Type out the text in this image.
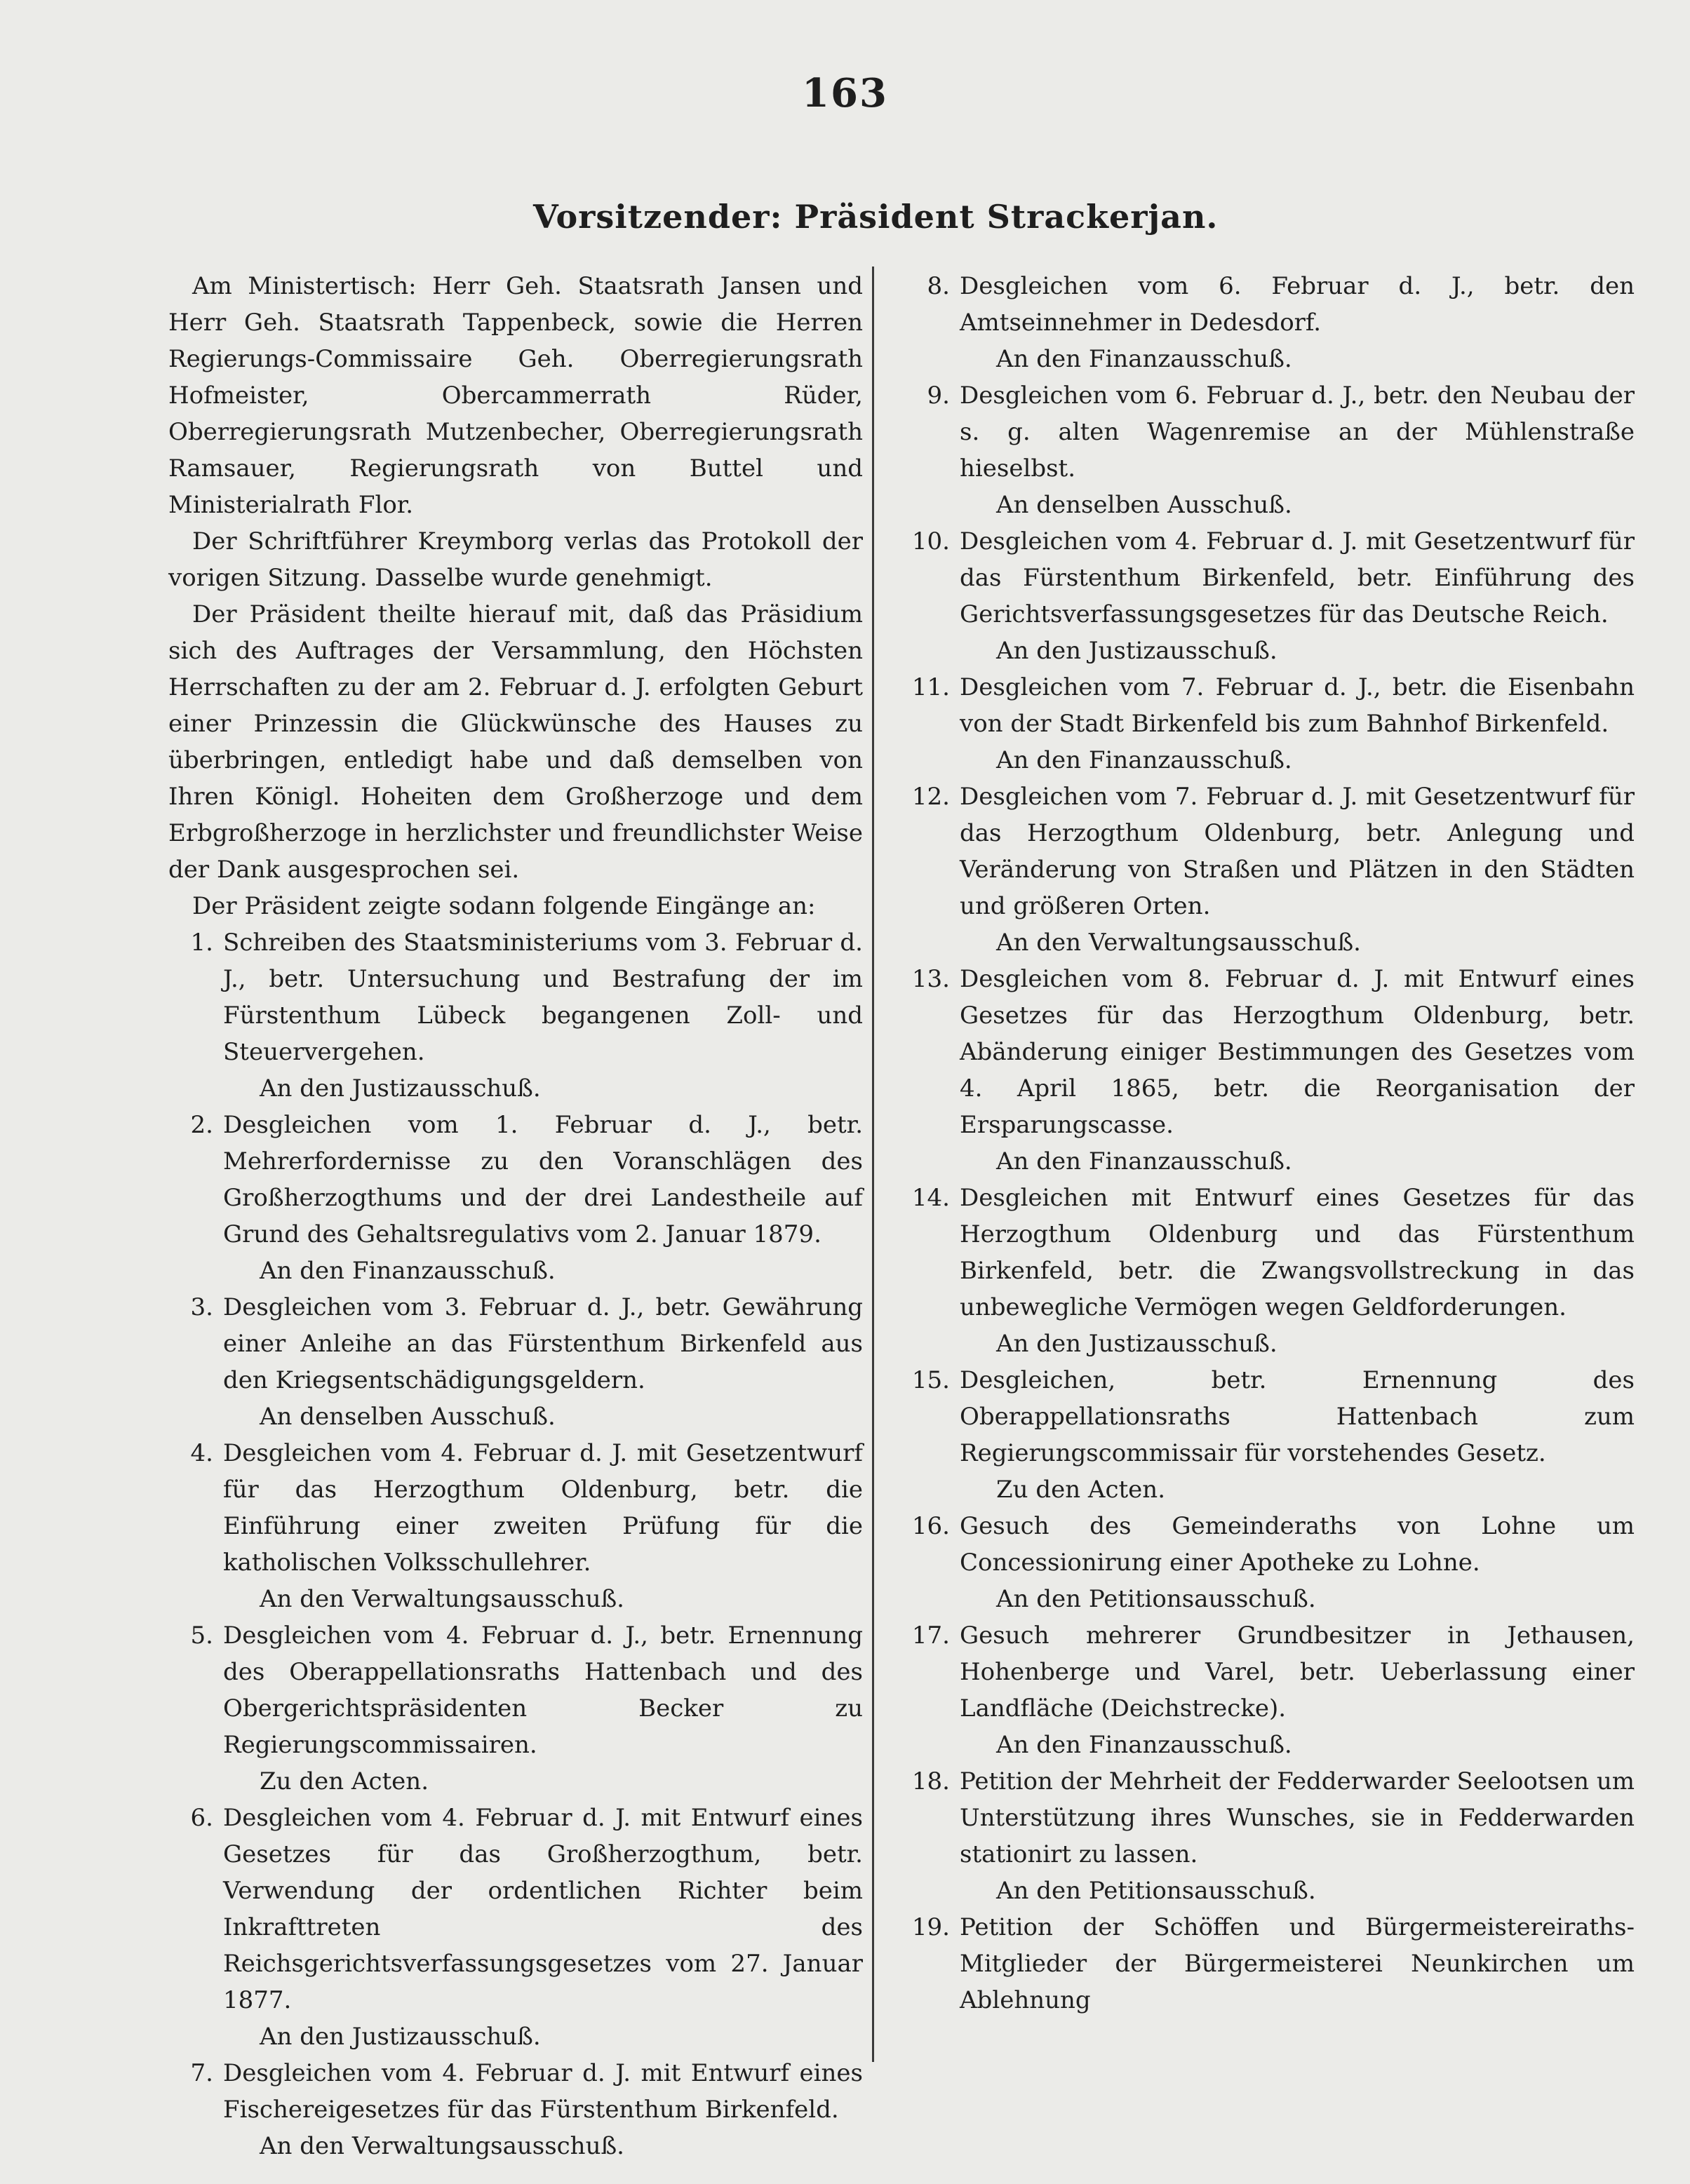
163
Vorsitzender: Präsident Strackerjan.
Am Ministertisch: Herr Geh. Staatsrath Jansen und Herr Geh. Staatsrath Tappenbeck, sowie die Herren Regierungs-Commissaire Geh. Oberregierungsrath Hofmeister, Obercammerrath Rüder, Oberregierungsrath Mutzenbecher, Oberregierungsrath Ramsauer, Regierungsrath von Buttel und Ministerialrath Flor.
Der Schriftführer Kreymborg verlas das Protokoll der vorigen Sitzung. Dasselbe wurde genehmigt.
Der Präsident theilte hierauf mit, daß das Präsidium sich des Auftrages der Versammlung, den Höchsten Herrschaften zu der am 2. Februar d. J. erfolgten Geburt einer Prinzessin die Glückwünsche des Hauses zu überbringen, entledigt habe und daß demselben von Ihren Königl. Hoheiten dem Großherzoge und dem Erbgroßherzoge in herzlichster und freundlichster Weise der Dank ausgesprochen sei.
Der Präsident zeigte sodann folgende Eingänge an:
1. Schreiben des Staatsministeriums vom 3. Februar d. J., betr. Untersuchung und Bestrafung der im Fürstenthum Lübeck begangenen Zoll- und Steuervergehen.
An den Justizausschuß.
2. Desgleichen vom 1. Februar d. J., betr. Mehrerfordernisse zu den Voranschlägen des Großherzogthums und der drei Landestheile auf Grund des Gehaltsregulativs vom 2. Januar 1879.
An den Finanzausschuß.
3. Desgleichen vom 3. Februar d. J., betr. Gewährung einer Anleihe an das Fürstenthum Birkenfeld aus den Kriegsentschädigungsgeldern.
An denselben Ausschuß.
4. Desgleichen vom 4. Februar d. J. mit Gesetzentwurf für das Herzogthum Oldenburg, betr. die Einführung einer zweiten Prüfung für die katholischen Volksschullehrer.
An den Verwaltungsausschuß.
5. Desgleichen vom 4. Februar d. J., betr. Ernennung des Oberappellationsraths Hattenbach und des Obergerichtspräsidenten Becker zu Regierungscommissairen.
Zu den Acten.
6. Desgleichen vom 4. Februar d. J. mit Entwurf eines Gesetzes für das Großherzogthum, betr. Verwendung der ordentlichen Richter beim Inkrafttreten des Reichsgerichtsverfassungsgesetzes vom 27. Januar 1877.
An den Justizausschuß.
7. Desgleichen vom 4. Februar d. J. mit Entwurf eines Fischereigesetzes für das Fürstenthum Birkenfeld.
An den Verwaltungsausschuß.
8. Desgleichen vom 6. Februar d. J., betr. den Amtseinnehmer in Dedesdorf.
An den Finanzausschuß.
9. Desgleichen vom 6. Februar d. J., betr. den Neubau der s. g. alten Wagenremise an der Mühlenstraße hieselbst.
An denselben Ausschuß.
10. Desgleichen vom 4. Februar d. J. mit Gesetzentwurf für das Fürstenthum Birkenfeld, betr. Einführung des Gerichtsverfassungsgesetzes für das Deutsche Reich.
An den Justizausschuß.
11. Desgleichen vom 7. Februar d. J., betr. die Eisenbahn von der Stadt Birkenfeld bis zum Bahnhof Birkenfeld.
An den Finanzausschuß.
12. Desgleichen vom 7. Februar d. J. mit Gesetzentwurf für das Herzogthum Oldenburg, betr. Anlegung und Veränderung von Straßen und Plätzen in den Städten und größeren Orten.
An den Verwaltungsausschuß.
13. Desgleichen vom 8. Februar d. J. mit Entwurf eines Gesetzes für das Herzogthum Oldenburg, betr. Abänderung einiger Bestimmungen des Gesetzes vom 4. April 1865, betr. die Reorganisation der Ersparungscasse.
An den Finanzausschuß.
14. Desgleichen mit Entwurf eines Gesetzes für das Herzogthum Oldenburg und das Fürstenthum Birkenfeld, betr. die Zwangsvollstreckung in das unbewegliche Vermögen wegen Geldforderungen.
An den Justizausschuß.
15. Desgleichen, betr. Ernennung des Oberappellationsraths Hattenbach zum Regierungscommissair für vorstehendes Gesetz.
Zu den Acten.
16. Gesuch des Gemeinderaths von Lohne um Concessionirung einer Apotheke zu Lohne.
An den Petitionsausschuß.
17. Gesuch mehrerer Grundbesitzer in Jethausen, Hohenberge und Varel, betr. Ueberlassung einer Landfläche (Deichstrecke).
An den Finanzausschuß.
18. Petition der Mehrheit der Fedderwarder Seelootsen um Unterstützung ihres Wunsches, sie in Fedderwarden stationirt zu lassen.
An den Petitionsausschuß.
19. Petition der Schöffen und Bürgermeistereiraths-Mitglieder der Bürgermeisterei Neunkirchen um Ablehnung
